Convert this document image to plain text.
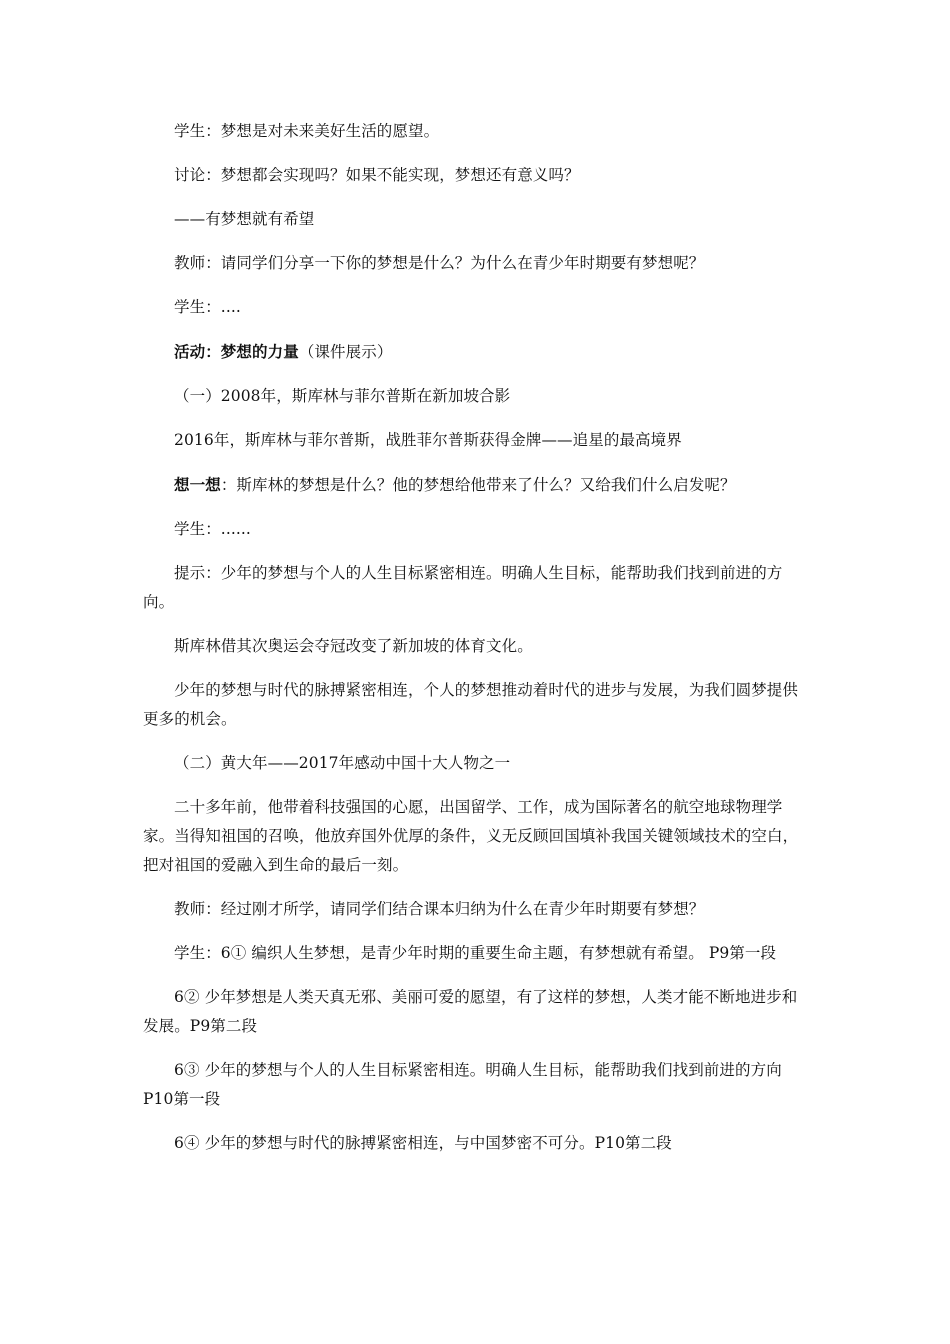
学生：梦想是对未来美好生活的愿望。

讨论：梦想都会实现吗？如果不能实现，梦想还有意义吗？

——有梦想就有希望

教师：请同学们分享一下你的梦想是什么？为什么在青少年时期要有梦想呢？

学生：....

活动：梦想的力量（课件展示）

（一）2008年，斯库林与菲尔普斯在新加坡合影

2016年，斯库林与菲尔普斯，战胜菲尔普斯获得金牌——追星的最高境界

想一想：斯库林的梦想是什么？他的梦想给他带来了什么？又给我们什么启发呢？

学生：......

提示：少年的梦想与个人的人生目标紧密相连。明确人生目标，能帮助我们找到前进的方向。

斯库林借其次奥运会夺冠改变了新加坡的体育文化。

少年的梦想与时代的脉搏紧密相连，个人的梦想推动着时代的进步与发展，为我们圆梦提供更多的机会。

（二）黄大年——2017年感动中国十大人物之一

二十多年前，他带着科技强国的心愿，出国留学、工作，成为国际著名的航空地球物理学家。当得知祖国的召唤，他放弃国外优厚的条件，义无反顾回国填补我国关键领域技术的空白，把对祖国的爱融入到生命的最后一刻。

教师：经过刚才所学，请同学们结合课本归纳为什么在青少年时期要有梦想？

学生：6① 编织人生梦想，是青少年时期的重要生命主题，有梦想就有希望。 P9第一段

6② 少年梦想是人类天真无邪、美丽可爱的愿望，有了这样的梦想，人类才能不断地进步和发展。P9第二段

6③ 少年的梦想与个人的人生目标紧密相连。明确人生目标，能帮助我们找到前进的方向 P10第一段

6④ 少年的梦想与时代的脉搏紧密相连，与中国梦密不可分。P10第二段
